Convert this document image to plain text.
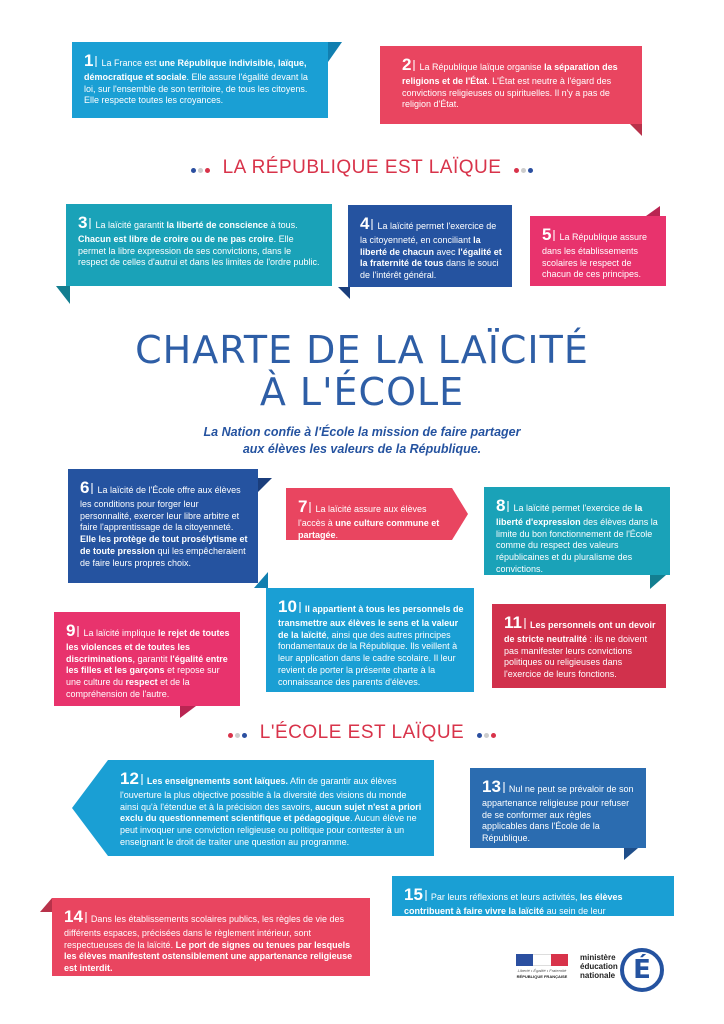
1 La France est une République indivisible, laïque, démocratique et sociale. Elle assure l'égalité devant la loi, sur l'ensemble de son territoire, de tous les citoyens. Elle respecte toutes les croyances.
2 La République laïque organise la séparation des religions et de l'État. L'État est neutre à l'égard des convictions religieuses ou spirituelles. Il n'y a pas de religion d'État.
LA RÉPUBLIQUE EST LAÏQUE
3 La laïcité garantit la liberté de conscience à tous. Chacun est libre de croire ou de ne pas croire. Elle permet la libre expression de ses convictions, dans le respect de celles d'autrui et dans les limites de l'ordre public.
4 La laïcité permet l'exercice de la citoyenneté, en conciliant la liberté de chacun avec l'égalité et la fraternité de tous dans le souci de l'intérêt général.
5 La République assure dans les établissements scolaires le respect de chacun de ces principes.
CHARTE DE LA LAÏCITÉ
À L'ÉCOLE
La Nation confie à l'École la mission de faire partager
aux élèves les valeurs de la République.
6 La laïcité de l'École offre aux élèves les conditions pour forger leur personnalité, exercer leur libre arbitre et faire l'apprentissage de la citoyenneté. Elle les protège de tout prosélytisme et de toute pression qui les empêcheraient de faire leurs propres choix.
7 La laïcité assure aux élèves l'accès à une culture commune et partagée.
8 La laïcité permet l'exercice de la liberté d'expression des élèves dans la limite du bon fonctionnement de l'École comme du respect des valeurs républicaines et du pluralisme des convictions.
9 La laïcité implique le rejet de toutes les violences et de toutes les discriminations, garantit l'égalité entre les filles et les garçons et repose sur une culture du respect et de la compréhension de l'autre.
10 Il appartient à tous les personnels de transmettre aux élèves le sens et la valeur de la laïcité, ainsi que des autres principes fondamentaux de la République. Ils veillent à leur application dans le cadre scolaire. Il leur revient de porter la présente charte à la connaissance des parents d'élèves.
11 Les personnels ont un devoir de stricte neutralité : ils ne doivent pas manifester leurs convictions politiques ou religieuses dans l'exercice de leurs fonctions.
L'ÉCOLE EST LAÏQUE
12 Les enseignements sont laïques. Afin de garantir aux élèves l'ouverture la plus objective possible à la diversité des visions du monde ainsi qu'à l'étendue et à la précision des savoirs, aucun sujet n'est a priori exclu du questionnement scientifique et pédagogique. Aucun élève ne peut invoquer une conviction religieuse ou politique pour contester à un enseignant le droit de traiter une question au programme.
13 Nul ne peut se prévaloir de son appartenance religieuse pour refuser de se conformer aux règles applicables dans l'École de la République.
15 Par leurs réflexions et leurs activités, les élèves contribuent à faire vivre la laïcité au sein de leur établissement.
14 Dans les établissements scolaires publics, les règles de vie des différents espaces, précisées dans le règlement intérieur, sont respectueuses de la laïcité. Le port de signes ou tenues par lesquels les élèves manifestent ostensiblement une appartenance religieuse est interdit.	Liberté • Égalité • Fraternité
RÉPUBLIQUE FRANÇAISE
ministère
éducation
nationale É
